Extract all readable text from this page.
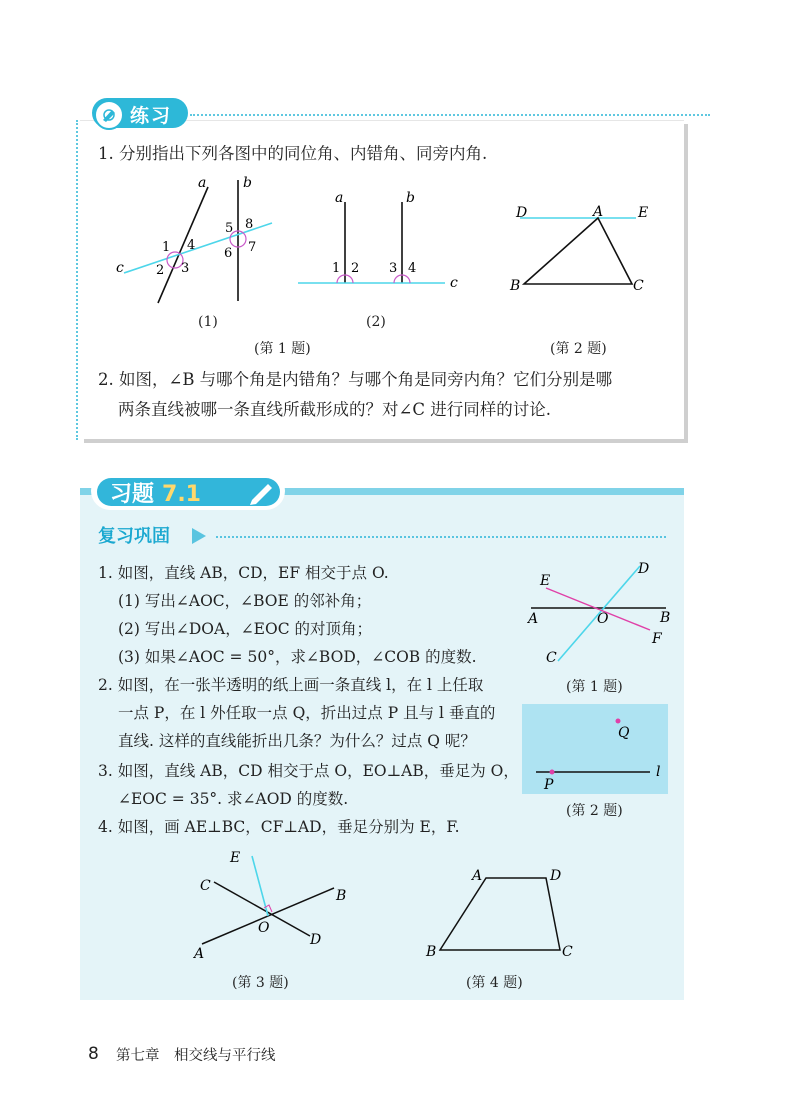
练习
1. 分别指出下列各图中的同位角、内错角、同旁内角.
a	b
c
1
2 3
4
5
6 7
8
(1)
a	b
c
1 2 3 4
(2)
(第 1 题)
D	A E
B	C
(第 2 题)
2. 如图，∠B 与哪个角是内错角？与哪个角是同旁内角？它们分别是哪
两条直线被哪一条直线所截形成的？对∠C 进行同样的讨论.
习题 7.1
复习巩固
1. 如图，直线 AB，CD，EF 相交于点 O.
(1) 写出∠AOC，∠BOE 的邻补角；
(2) 写出∠DOA，∠EOC 的对顶角；
(3) 如果∠AOC = 50°，求∠BOD，∠COB 的度数.
2. 如图，在一张半透明的纸上画一条直线 l，在 l 上任取
一点 P，在 l 外任取一点 Q，折出过点 P 且与 l 垂直的
直线. 这样的直线能折出几条？为什么？过点 Q 呢？
3. 如图，直线 AB，CD 相交于点 O，EO⊥AB，垂足为 O，
∠EOC = 35°. 求∠AOD 的度数.
4. 如图，画 AE⊥BC，CF⊥AD，垂足分别为 E，F.
D
E
A	O	B
F
C
(第 1 题)
Q
P
l
(第 2 题)
E
C
B
O
D
A
(第 3 题)
A	D
B	C
(第 4 题)
8 第七章　相交线与平行线
